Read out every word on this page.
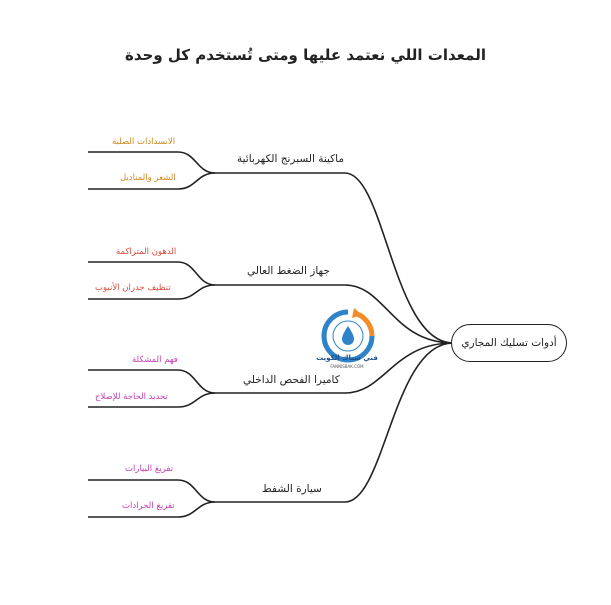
المعدات اللي نعتمد عليها ومتى تُستخدم كل وحدة
ماكينة السبرنج الكهربائية
جهاز الضغط العالي
كاميرا الفحص الداخلي
سيارة الشفط
الانسدادات الصلبة
الشعر والمناديل
الدهون المتراكمة
تنظيف جدران الأنبوب
فهم المشكلة
تحديد الحاجة للإصلاح
تفريغ البيارات
تفريغ الحرادات
أدوات تسليك المجاري
فني سباك الكويت
FANNISBAK.COM
